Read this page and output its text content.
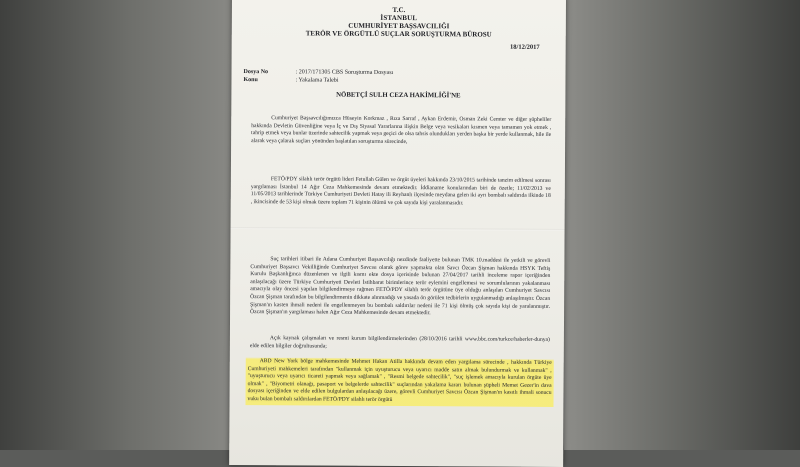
T.C.
İSTANBUL
CUMHURİYET BAŞSAVCILIĞI
TERÖR VE ÖRGÜTLÜ SUÇLAR SORUŞTURMA BÜROSU
18/12/2017
Dosya No	: 2017/171305 CBS Soruşturma Dosyası
Konu	: Yakalama Talebi
NÖBETÇİ SULH CEZA HAKİMLİĞİ'NE
Cumhuriyet Başsavcılığımızca Hüseyin Korkmaz , Rıza Sarraf , Aykan Erdemir, Osman Zeki Cemter ve diğer şüpheliler hakkında Devletin Güvenliğine veya İç ve Dış Siyasal Yararlarına ilişkin Belge veya vesikaları kısmen veya tamamen yok etmek , tahrip etmek veya bunlar üzerinde sahtecilik yapmak veya geçici de olsa tahsis olundukları yerden başka bir yerde kullanmak, hile ile alarak veya çalarak suçları yönünden başlatılan soruşturma sürecinde,
FETÖ/PDY silahlı terör örgütü lideri Fetullah Gülen ve örgüt üyeleri hakkında 23/10/2015 tarihinde tanzim edilmesi sonrası yargılaması İstanbul 14 Ağır Ceza Mahkemesinde devam etmektedir. İddianame konularından biri de özetle; 11/02/2013 ve 11/05/2013 tarihlerinde Türkiye Cumhuriyeti Devleti Hatay ili Reyhanlı ilçesinde meydana gelen iki ayrı bombalı saldırıda ilkinde 18 , ikincisinde de 53 kişi olmak üzere toplam 71 kişinin ölümü ve çok sayıda kişi yaralanmasıdır.
Suç tarihleri itibari ile Adana Cumhuriyet Başsavcılığı nezdinde faaliyette bulunan TMK 10.maddesi ile yetkili ve görevli Cumhuriyet Başsavcı Vekilliğinde Cumhuriyet Savcısı olarak görev yapmakta olan Savcı Özcan Şişman hakkında HSYK Teftiş Kurulu Başkanlığınca düzenlenen ve ilgili kısmı ekte dosya içerisinde bulunan 27/04/2017 tarihli inceleme rapor içeriğinden anlaşılacağı üzere Türkiye Cumhuriyeti Devleti İstihbarat birimlerince terör eylemini engellemesi ve sorumlularının yakalanması amacıyla olay öncesi yapılan bilgilendirmeye rağmen FETÖ/PDY silahlı terör örgütüne üye olduğu anlaşılan Cumhuriyet Savcısı Özcan Şişman tarafından bu bilgilendirmenin dikkate alınmadığı ve yasada ön görülen tedbirlerin uygulanmadığı anlaşılmıştır. Özcan Şişman'ın kasten ihmali nedeni ile engellenmeyen bu bombalı saldırılar nedeni ile 71 kişi ölmüş çok sayıda kişi de yaralanmıştır. Özcan Şişman'ın yargılaması halen Ağır Ceza Mahkemesinde devam etmektedir.
Açık kaynak çalışmaları ve resmi kurum bilgilendirmelerinden (28/10/2016 tarihli www.bbc.com/turkce/haberler-dunya) elde edilen bilgiler doğrultusunda;
ABD New York bölge mahkemesinde Mehmet Hakan Atilla hakkında devam eden yargılama sürecinde , hakkında Türkiye Cumhuriyeti mahkemeleri tarafından "kullanmak için uyuşturucu veya uyarıcı madde satın almak bulundurmak ve kullanmak" , "uyuşturucu veya uyarıcı ticareti yapmak veya sağlamak" , "Resmi belgede sahtecilik", "suç işlemek amacıyla kurulan örgüte üye olmak" , "Biyometri olanağı, pasaport ve belgelerde sahtecilik" suçlarından yakalama kararı bulunan şüpheli Memet Gezer'in dava dosyası içeriğinden ve elde edilen bulgulardan anlaşılacağı üzere, görevli Cumhuriyet Savcısı Özcan Şişman'ın kasıtlı ihmali sonucu vuku bulan bombalı saldırılardan FETÖ/PDY silahlı terör örgütü
